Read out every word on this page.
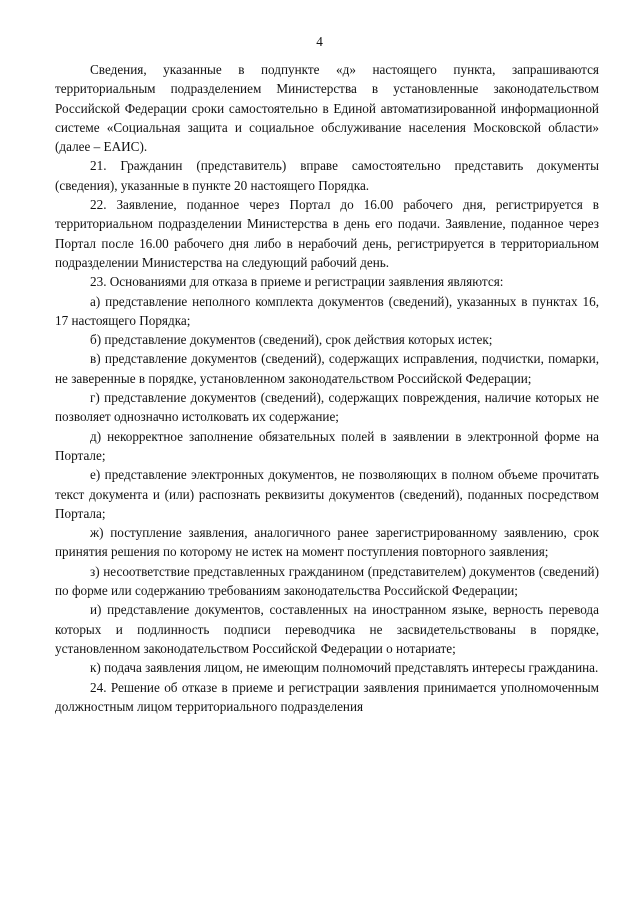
4

Сведения, указанные в подпункте «д» настоящего пункта, запрашиваются территориальным подразделением Министерства в установленные законодательством Российской Федерации сроки самостоятельно в Единой автоматизированной информационной системе «Социальная защита и социальное обслуживание населения Московской области» (далее – ЕАИС).

21. Гражданин (представитель) вправе самостоятельно представить документы (сведения), указанные в пункте 20 настоящего Порядка.

22. Заявление, поданное через Портал до 16.00 рабочего дня, регистрируется в территориальном подразделении Министерства в день его подачи. Заявление, поданное через Портал после 16.00 рабочего дня либо в нерабочий день, регистрируется в территориальном подразделении Министерства на следующий рабочий день.

23. Основаниями для отказа в приеме и регистрации заявления являются:

а) представление неполного комплекта документов (сведений), указанных в пунктах 16, 17 настоящего Порядка;

б) представление документов (сведений), срок действия которых истек;

в) представление документов (сведений), содержащих исправления, подчистки, помарки, не заверенные в порядке, установленном законодательством Российской Федерации;

г) представление документов (сведений), содержащих повреждения, наличие которых не позволяет однозначно истолковать их содержание;

д) некорректное заполнение обязательных полей в заявлении в электронной форме на Портале;

е) представление электронных документов, не позволяющих в полном объеме прочитать текст документа и (или) распознать реквизиты документов (сведений), поданных посредством Портала;

ж) поступление заявления, аналогичного ранее зарегистрированному заявлению, срок принятия решения по которому не истек на момент поступления повторного заявления;

з) несоответствие представленных гражданином (представителем) документов (сведений) по форме или содержанию требованиям законодательства Российской Федерации;

и) представление документов, составленных на иностранном языке, верность перевода которых и подлинность подписи переводчика не засвидетельствованы в порядке, установленном законодательством Российской Федерации о нотариате;

к) подача заявления лицом, не имеющим полномочий представлять интересы гражданина.

24. Решение об отказе в приеме и регистрации заявления принимается уполномоченным должностным лицом территориального подразделения
